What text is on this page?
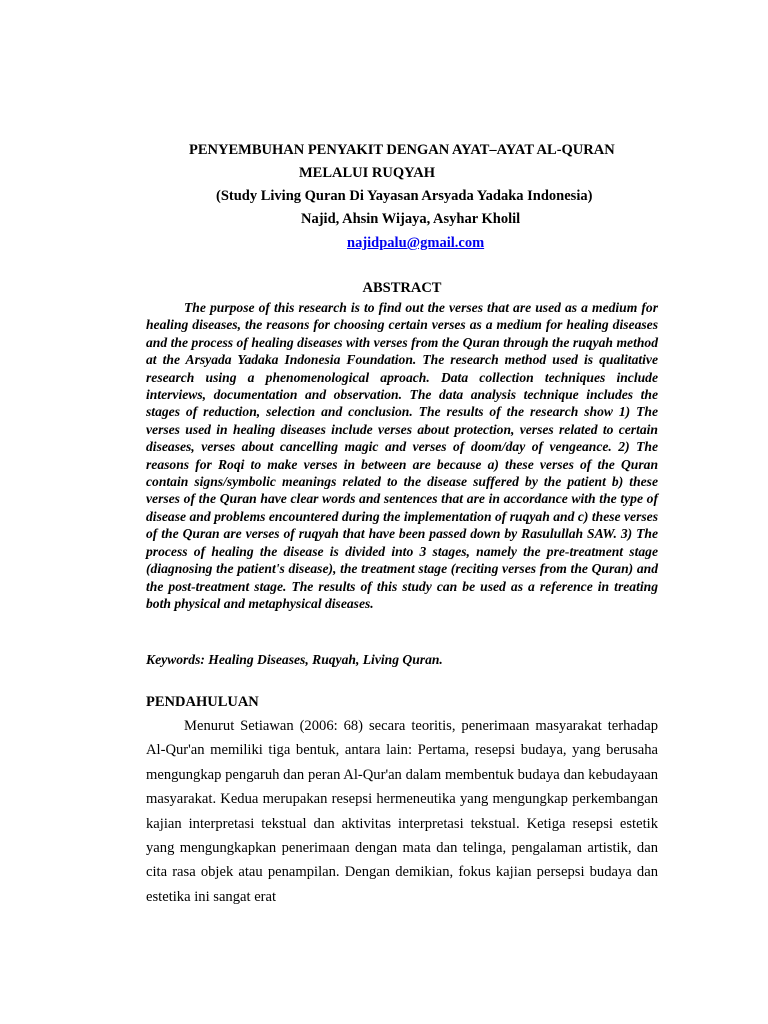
PENYEMBUHAN PENYAKIT DENGAN AYAT–AYAT AL-QURAN
MELALUI RUQYAH
(Study Living Quran Di Yayasan Arsyada Yadaka Indonesia)
Najid, Ahsin Wijaya, Asyhar Kholil
najidpalu@gmail.com
ABSTRACT

The purpose of this research is to find out the verses that are used as a medium for healing diseases, the reasons for choosing certain verses as a medium for healing diseases and the process of healing diseases with verses from the Quran through the ruqyah method at the Arsyada Yadaka Indonesia Foundation. The research method used is qualitative research using a phenomenological aproach. Data collection techniques include interviews, documentation and observation. The data analysis technique includes the stages of reduction, selection and conclusion. The results of the research show 1) The verses used in healing diseases include verses about protection, verses related to certain diseases, verses about cancelling magic and verses of doom/day of vengeance. 2) The reasons for Roqi to make verses in between are because a) these verses of the Quran contain signs/symbolic meanings related to the disease suffered by the patient b) these verses of the Quran have clear words and sentences that are in accordance with the type of disease and problems encountered during the implementation of ruqyah and c) these verses of the Quran are verses of ruqyah that have been passed down by Rasulullah SAW. 3) The process of healing the disease is divided into 3 stages, namely the pre-treatment stage (diagnosing the patient's disease), the treatment stage (reciting verses from the Quran) and the post-treatment stage. The results of this study can be used as a reference in treating both physical and metaphysical diseases.

Keywords: Healing Diseases, Ruqyah, Living Quran.

PENDAHULUAN

Menurut Setiawan (2006: 68) secara teoritis, penerimaan masyarakat terhadap Al-Qur'an memiliki tiga bentuk, antara lain: Pertama, resepsi budaya, yang berusaha mengungkap pengaruh dan peran Al-Qur'an dalam membentuk budaya dan kebudayaan masyarakat. Kedua merupakan resepsi hermeneutika yang mengungkap perkembangan kajian interpretasi tekstual dan aktivitas interpretasi tekstual. Ketiga resepsi estetik yang mengungkapkan penerimaan dengan mata dan telinga, pengalaman artistik, dan cita rasa objek atau penampilan. Dengan demikian, fokus kajian persepsi budaya dan estetika ini sangat erat
